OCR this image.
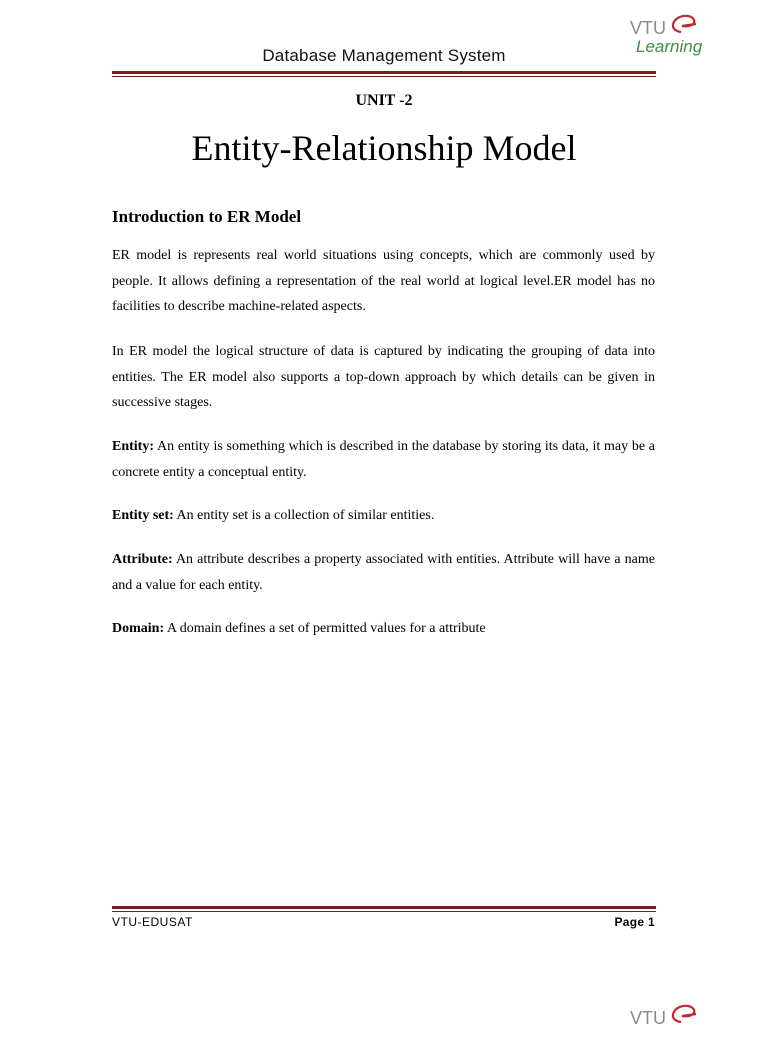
VTU
Learning
Database Management System
UNIT -2
Entity-Relationship Model
Introduction to ER Model

ER model is represents real world situations using concepts, which are commonly used by people. It allows defining a representation of the real world at logical level.ER model has no facilities to describe machine-related aspects.

In ER model the logical structure of data is captured by indicating the grouping of data into entities. The ER model also supports a top-down approach by which details can be given in successive stages.

Entity: An entity is something which is described in the database by storing its data, it may be a concrete entity a conceptual entity.

Entity set: An entity set is a collection of similar entities.

Attribute: An attribute describes a property associated with entities. Attribute will have a name and a value for each entity.

Domain: A domain defines a set of permitted values for a attribute

VTU-EDUSAT	Page 1
VTU
